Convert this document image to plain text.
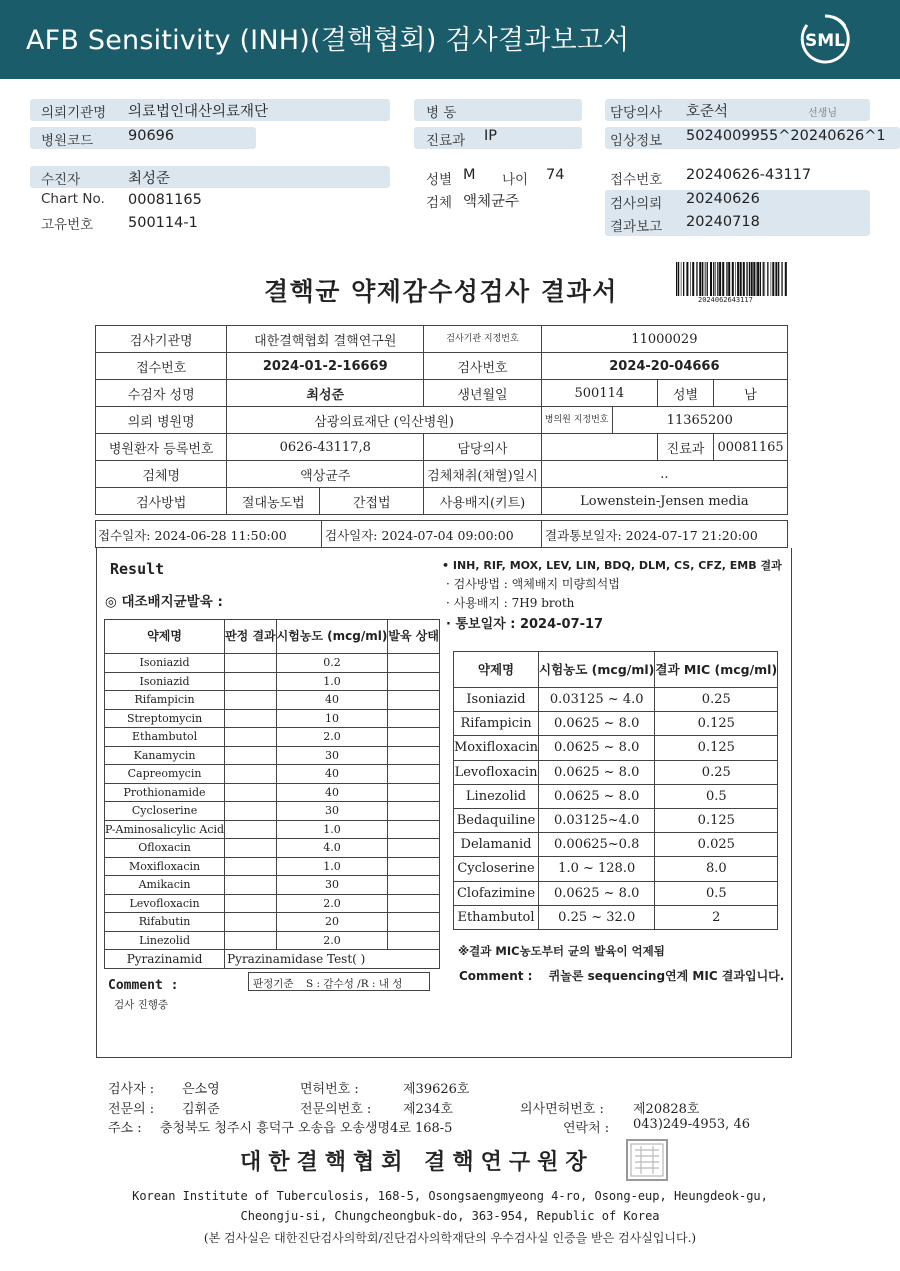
AFB Sensitivity (INH)(결핵협회) 검사결과보고서	SML
의뢰기관명 의료법인대산의료재단
병원코드 90696
병 동
진료과 IP
담당의사 호준석	선생님
임상정보 5024009955^20240626^1
수진자	최성준
Chart No. 00081165
고유번호 500114-1
성별 M 나이 74
검체 액체균주
접수번호 20240626-43117
검사의뢰 20240626
결과보고 20240718
결핵균 약제감수성검사 결과서	2024062643117
검사기관명	대한결핵협회 결핵연구원		검사기관 지정번호	11000029			
접수번호	2024-01-2-16669		검사번호	2024-20-04666			
수검자 성명	최성준		생년월일	500114		성별	남
의뢰 병원명	삼광의료재단 (익산병원)			병의원 지정번호	11365200		
병원환자 등록번호	0626-43117,8		담당의사			진료과	00081165
검체명	액상균주		검체채취(채혈)일시	..			
검사방법	절대농도법	간접법	사용배지(키트)	Lowenstein-Jensen media			
접수일자: 2024-06-28 11:50:00	검사일자: 2024-07-04 09:00:00	결과통보일자: 2024-07-17 21:20:00
Result
◎ 대조배지균발육 :
약제명	판정 결과	시험농도 (mcg/ml)	발육 상태
Isoniazid		0.2	
Isoniazid		1.0	
Rifampicin		40	
Streptomycin		10	
Ethambutol		2.0	
Kanamycin		30	
Capreomycin		40	
Prothionamide		40	
Cycloserine		30	
P-Aminosalicylic Acid		1.0	
Ofloxacin		4.0	
Moxifloxacin		1.0	
Amikacin		30	
Levofloxacin		2.0	
Rifabutin		20	
Linezolid		2.0	
Pyrazinamid	Pyrazinamidase Test( )		
판정기준 S : 감수성 /R : 내 성
Comment :
검사 진행중
• INH, RIF, MOX, LEV, LIN, BDQ, DLM, CS, CFZ, EMB 결과
· 검사방법 : 액체배지 미량희석법
· 사용배지 : 7H9 broth
· 통보일자 : 2024-07-17
약제명	시험농도 (mcg/ml)	결과 MIC (mcg/ml)
Isoniazid	0.03125 ~ 4.0	0.25
Rifampicin	0.0625 ~ 8.0	0.125
Moxifloxacin	0.0625 ~ 8.0	0.125
Levofloxacin	0.0625 ~ 8.0	0.25
Linezolid	0.0625 ~ 8.0	0.5
Bedaquiline	0.03125~4.0	0.125
Delamanid	0.00625~0.8	0.025
Cycloserine	1.0 ~ 128.0	8.0
Clofazimine	0.0625 ~ 8.0	0.5
Ethambutol	0.25 ~ 32.0	2
※결과 MIC농도부터 균의 발육이 억제됨
Comment : 퀴놀론 sequencing연계 MIC 결과입니다.
검사자 : 은소영	면허번호 :	제39626호
전문의 : 김휘준	전문의번호 : 제234호	의사면허번호 : 제20828호
주소 : 충청북도 청주시 흥덕구 오송읍 오송생명4로 168-5	연락처 : 043)249-4953, 46
대한결핵협회 결핵연구원장
Korean Institute of Tuberculosis, 168-5, Osongsaengmyeong 4-ro, Osong-eup, Heungdeok-gu,
Cheongju-si, Chungcheongbuk-do, 363-954, Republic of Korea
(본 검사실은 대한진단검사의학회/진단검사의학재단의 우수검사실 인증을 받은 검사실입니다.)
